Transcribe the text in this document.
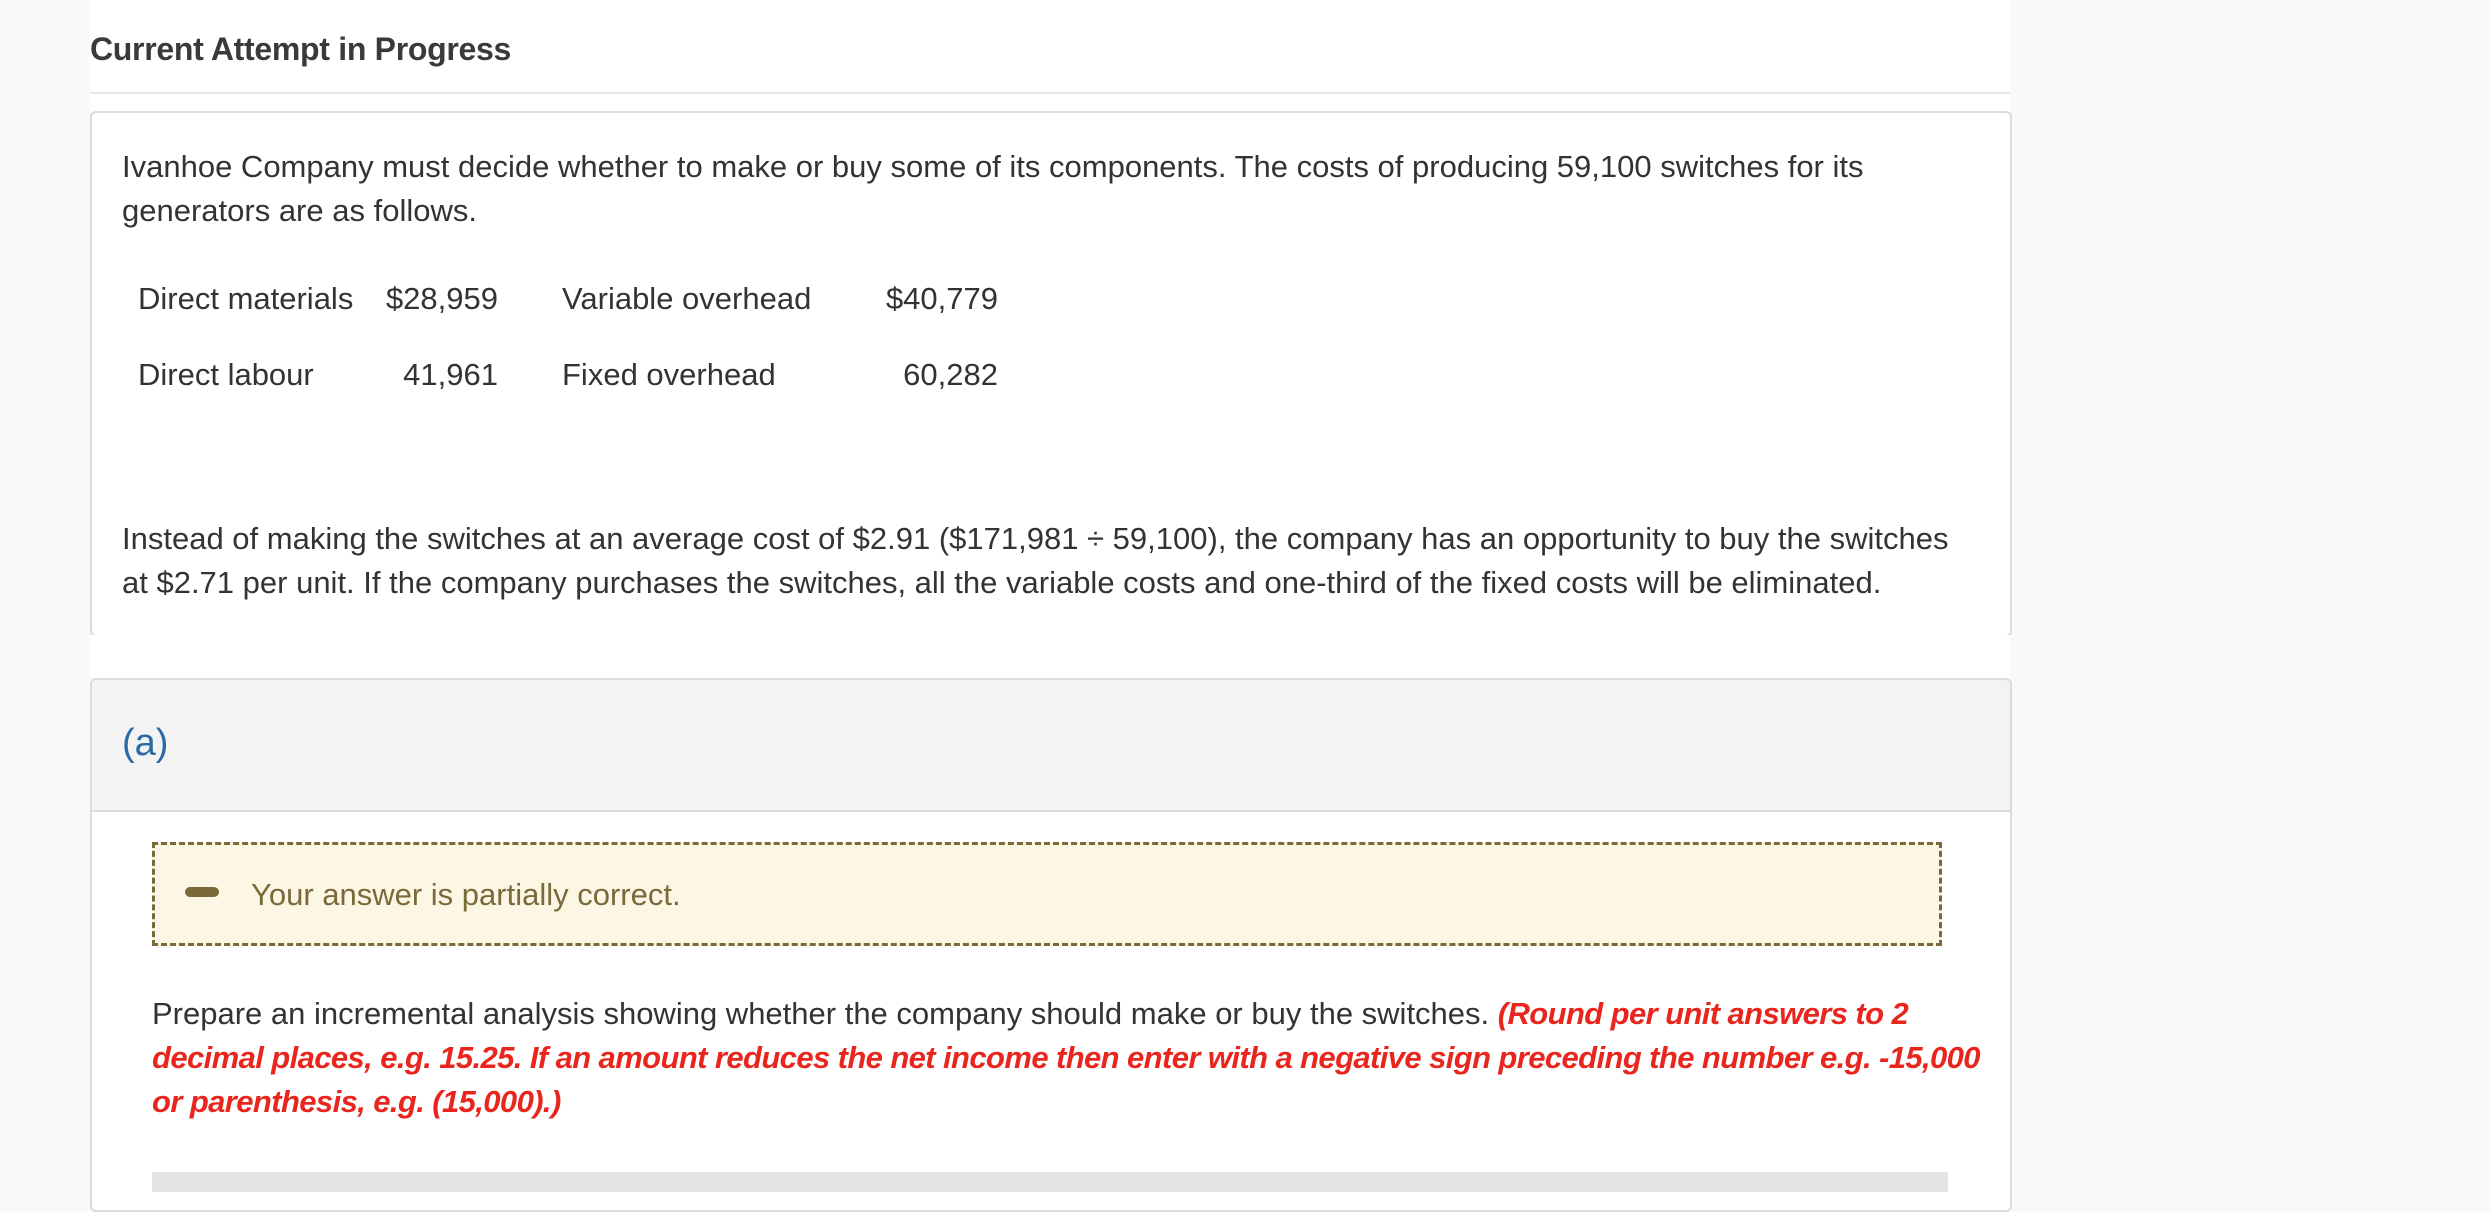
Current Attempt in Progress
Ivanhoe Company must decide whether to make or buy some of its components. The costs of producing 59,100 switches for its generators are as follows.
Direct materials $28,959 Variable overhead $40,779
Direct labour	41,961 Fixed overhead	60,282
Instead of making the switches at an average cost of $2.91 ($171,981 ÷ 59,100), the company has an opportunity to buy the switches at $2.71 per unit. If the company purchases the switches, all the variable costs and one-third of the fixed costs will be eliminated.
(a)
Your answer is partially correct.
Prepare an incremental analysis showing whether the company should make or buy the switches. (Round per unit answers to 2 decimal places, e.g. 15.25. If an amount reduces the net income then enter with a negative sign preceding the number e.g. -15,000 or parenthesis, e.g. (15,000).)
